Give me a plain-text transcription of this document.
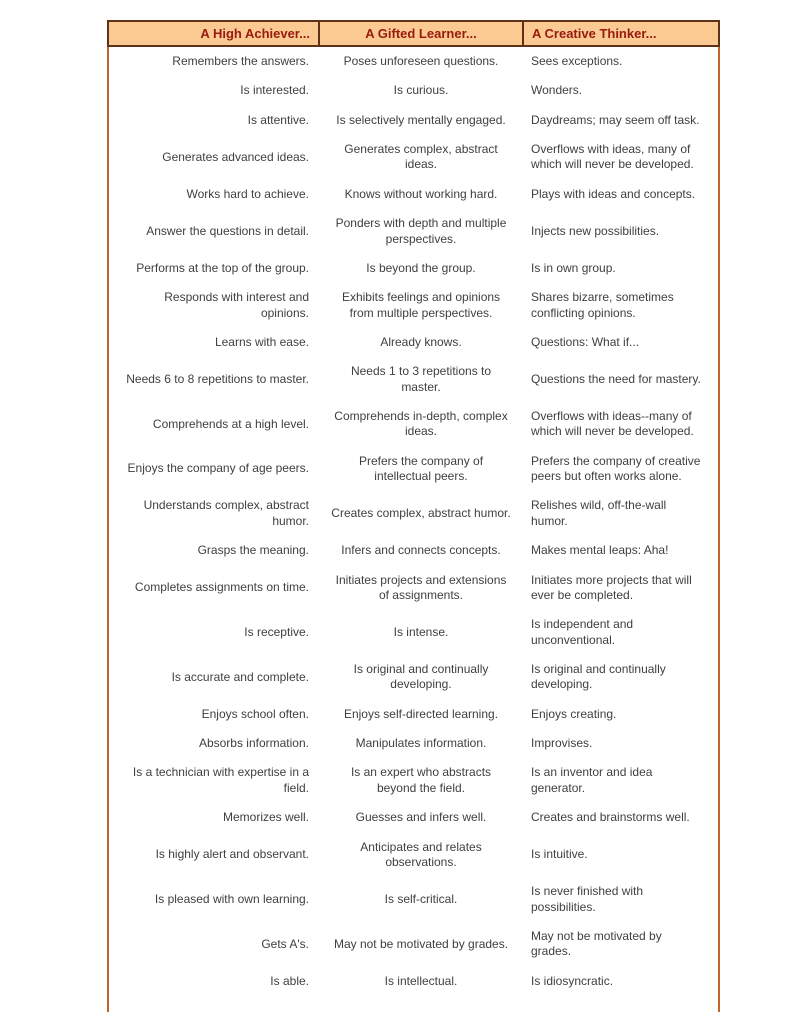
A High Achiever...	A Gifted Learner...	A Creative Thinker...
Remembers the answers.	Poses unforeseen questions.	Sees exceptions.
Is interested.	Is curious.	Wonders.
Is attentive.	Is selectively mentally engaged.	Daydreams; may seem off task.
Generates advanced ideas.	Generates complex, abstract ideas.	Overflows with ideas, many of which will never be developed.
Works hard to achieve.	Knows without working hard.	Plays with ideas and concepts.
Answer the questions in detail.	Ponders with depth and multiple perspectives.	Injects new possibilities.
Performs at the top of the group.	Is beyond the group.	Is in own group.
Responds with interest and opinions.	Exhibits feelings and opinions from multiple perspectives.	Shares bizarre, sometimes conflicting opinions.
Learns with ease.	Already knows.	Questions: What if...
Needs 6 to 8 repetitions to master.	Needs 1 to 3 repetitions to master.	Questions the need for mastery.
Comprehends at a high level.	Comprehends in-depth, complex ideas.	Overflows with ideas--many of which will never be developed.
Enjoys the company of age peers.	Prefers the company of intellectual peers.	Prefers the company of creative peers but often works alone.
Understands complex, abstract humor.	Creates complex, abstract humor.	Relishes wild, off-the-wall humor.
Grasps the meaning.	Infers and connects concepts.	Makes mental leaps: Aha!
Completes assignments on time.	Initiates projects and extensions of assignments.	Initiates more projects that will ever be completed.
Is receptive.	Is intense.	Is independent and unconventional.
Is accurate and complete.	Is original and continually developing.	Is original and continually developing.
Enjoys school often.	Enjoys self-directed learning.	Enjoys creating.
Absorbs information.	Manipulates information.	Improvises.
Is a technician with expertise in a field.	Is an expert who abstracts beyond the field.	Is an inventor and idea generator.
Memorizes well.	Guesses and infers well.	Creates and brainstorms well.
Is highly alert and observant.	Anticipates and relates observations.	Is intuitive.
Is pleased with own learning.	Is self-critical.	Is never finished with possibilities.
Gets A's.	May not be motivated by grades.	May not be motivated by grades.
Is able.	Is intellectual.	Is idiosyncratic.
